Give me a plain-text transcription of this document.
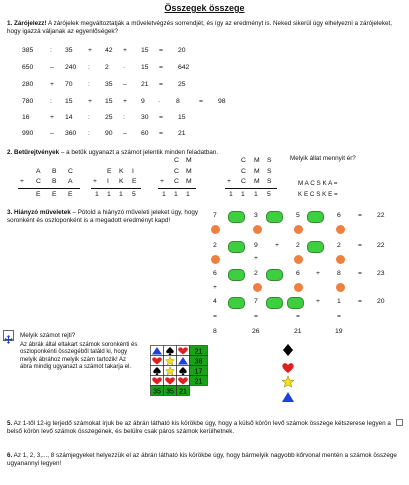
Összegek összege
1. Zárójelezz! A zárójelek megváltoztatják a műveletvégzés sorrendjét, és így az eredményt is. Neked sikerül úgy elhelyezni a zárójeleket, hogy igazzá váljanak az egyenlőségek?
385 : 35 + 42 + 15 = 20
650 – 240 : 2 · 15 = 642
280 + 70 : 35 – 21 = 25
780 : 15 + 15 + 9 · 8	= 98
16	+ 14 : 25 : 30 = 15
990 – 360 : 90 – 60 = 21
2. Betűrejtvények – a betűk ugyanazt a számot jelentik minden feladatban.
Melyik állat mennyit ér?
A B C
+ C B A
E E E
E K I
+ I K E
1 1 1 5
C M
C M
+ C M
1 1 1
C M S
C M S
+ C M S
1 1 1 5
M A C S K A =
K E C S K E =
3. Hiányzó műveletek – Pótold a hiányzó műveleti jeleket úgy, hogy soronként és oszloponként is a megadott eredményt kapd!
7	3	5	6	= 22
2	9	+	2	2	= 22
+
6	2	6 +	8	= 23
+
4	7	+	1	= 20
=	=	=	=
8	26	21	19
Melyik számot rejti?
Az ábrák által eltakart számok soronkénti és oszloponkénti összegéből találd ki, hogy melyik ábrához melyik szám tartozik! Az ábra mindig ugyanazt a számot takarja el.
21
38
17
21
35 35 21
5. Az 1-től 12-ig terjedő számokat írjuk be az ábrán látható kis körökbe úgy, hogy a külső körön levő számok összege kétszerese legyen a belső körön levő számok összegének, és belülre csak páros számok kerülhetnek.
6. Az 1, 2, 3,..., 8 számjegyeket helyezzük el az ábrán látható kis körökbe úgy, hogy bármelyik nagyobb kőrvonal mentén a számok összege ugyanannyi legyen!
